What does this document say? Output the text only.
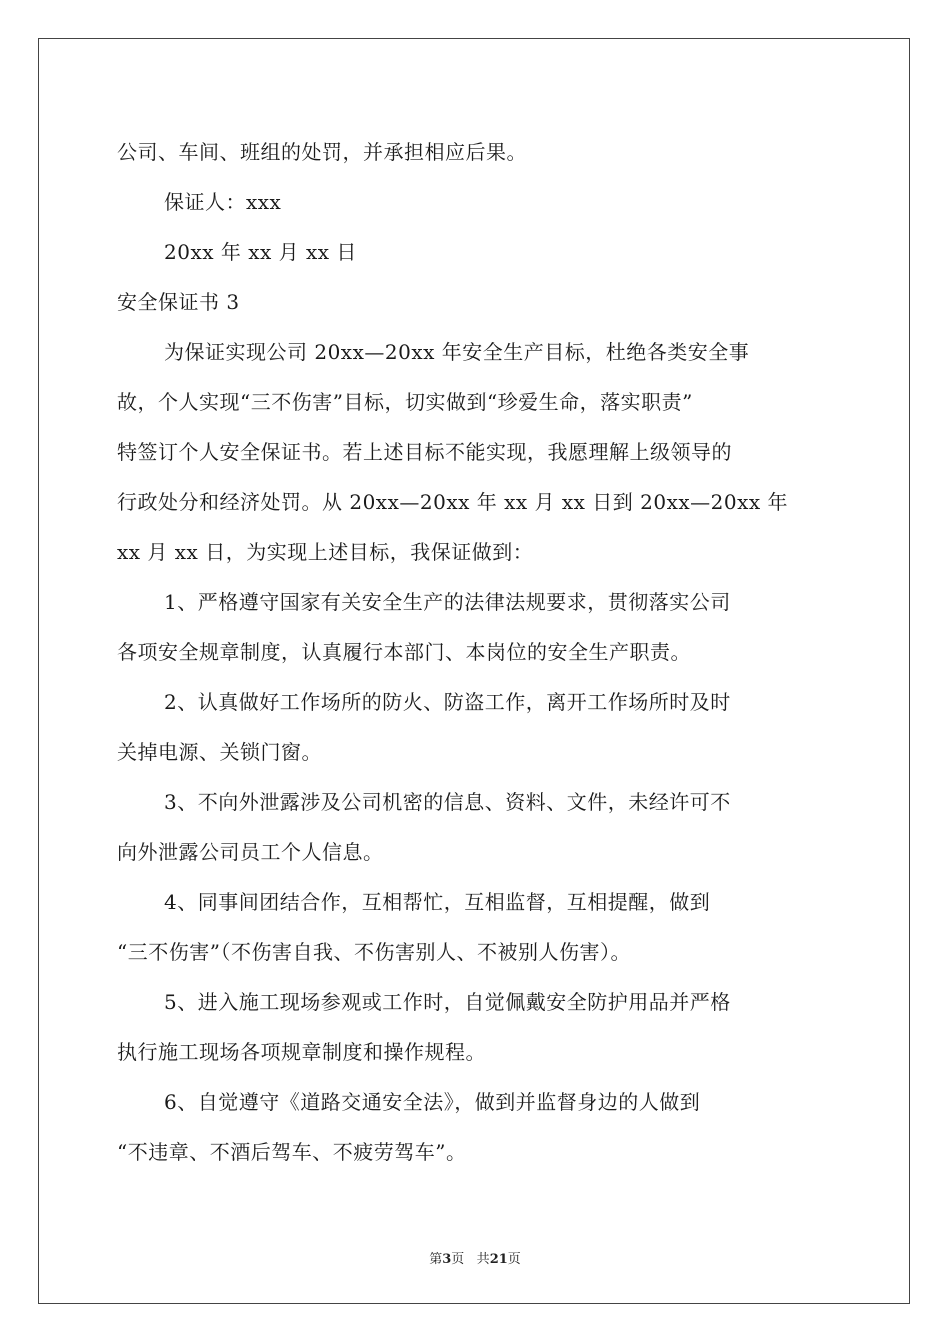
公司、车间、班组的处罚，并承担相应后果。
保证人：xxx
20xx 年 xx 月 xx 日
安全保证书 3
为保证实现公司 20xx—20xx 年安全生产目标，杜绝各类安全事
故，个人实现“三不伤害”目标，切实做到“珍爱生命，落实职责”
特签订个人安全保证书。若上述目标不能实现，我愿理解上级领导的
行政处分和经济处罚。从 20xx—20xx 年 xx 月 xx 日到 20xx—20xx 年
xx 月 xx 日，为实现上述目标，我保证做到：
1、严格遵守国家有关安全生产的法律法规要求，贯彻落实公司
各项安全规章制度，认真履行本部门、本岗位的安全生产职责。
2、认真做好工作场所的防火、防盗工作，离开工作场所时及时
关掉电源、关锁门窗。
3、不向外泄露涉及公司机密的信息、资料、文件，未经许可不
向外泄露公司员工个人信息。
4、同事间团结合作，互相帮忙，互相监督，互相提醒，做到
“三不伤害”（不伤害自我、不伤害别人、不被别人伤害）。
5、进入施工现场参观或工作时，自觉佩戴安全防护用品并严格
执行施工现场各项规章制度和操作规程。
6、自觉遵守《道路交通安全法》，做到并监督身边的人做到
“不违章、不酒后驾车、不疲劳驾车”。
第3页 共21页
